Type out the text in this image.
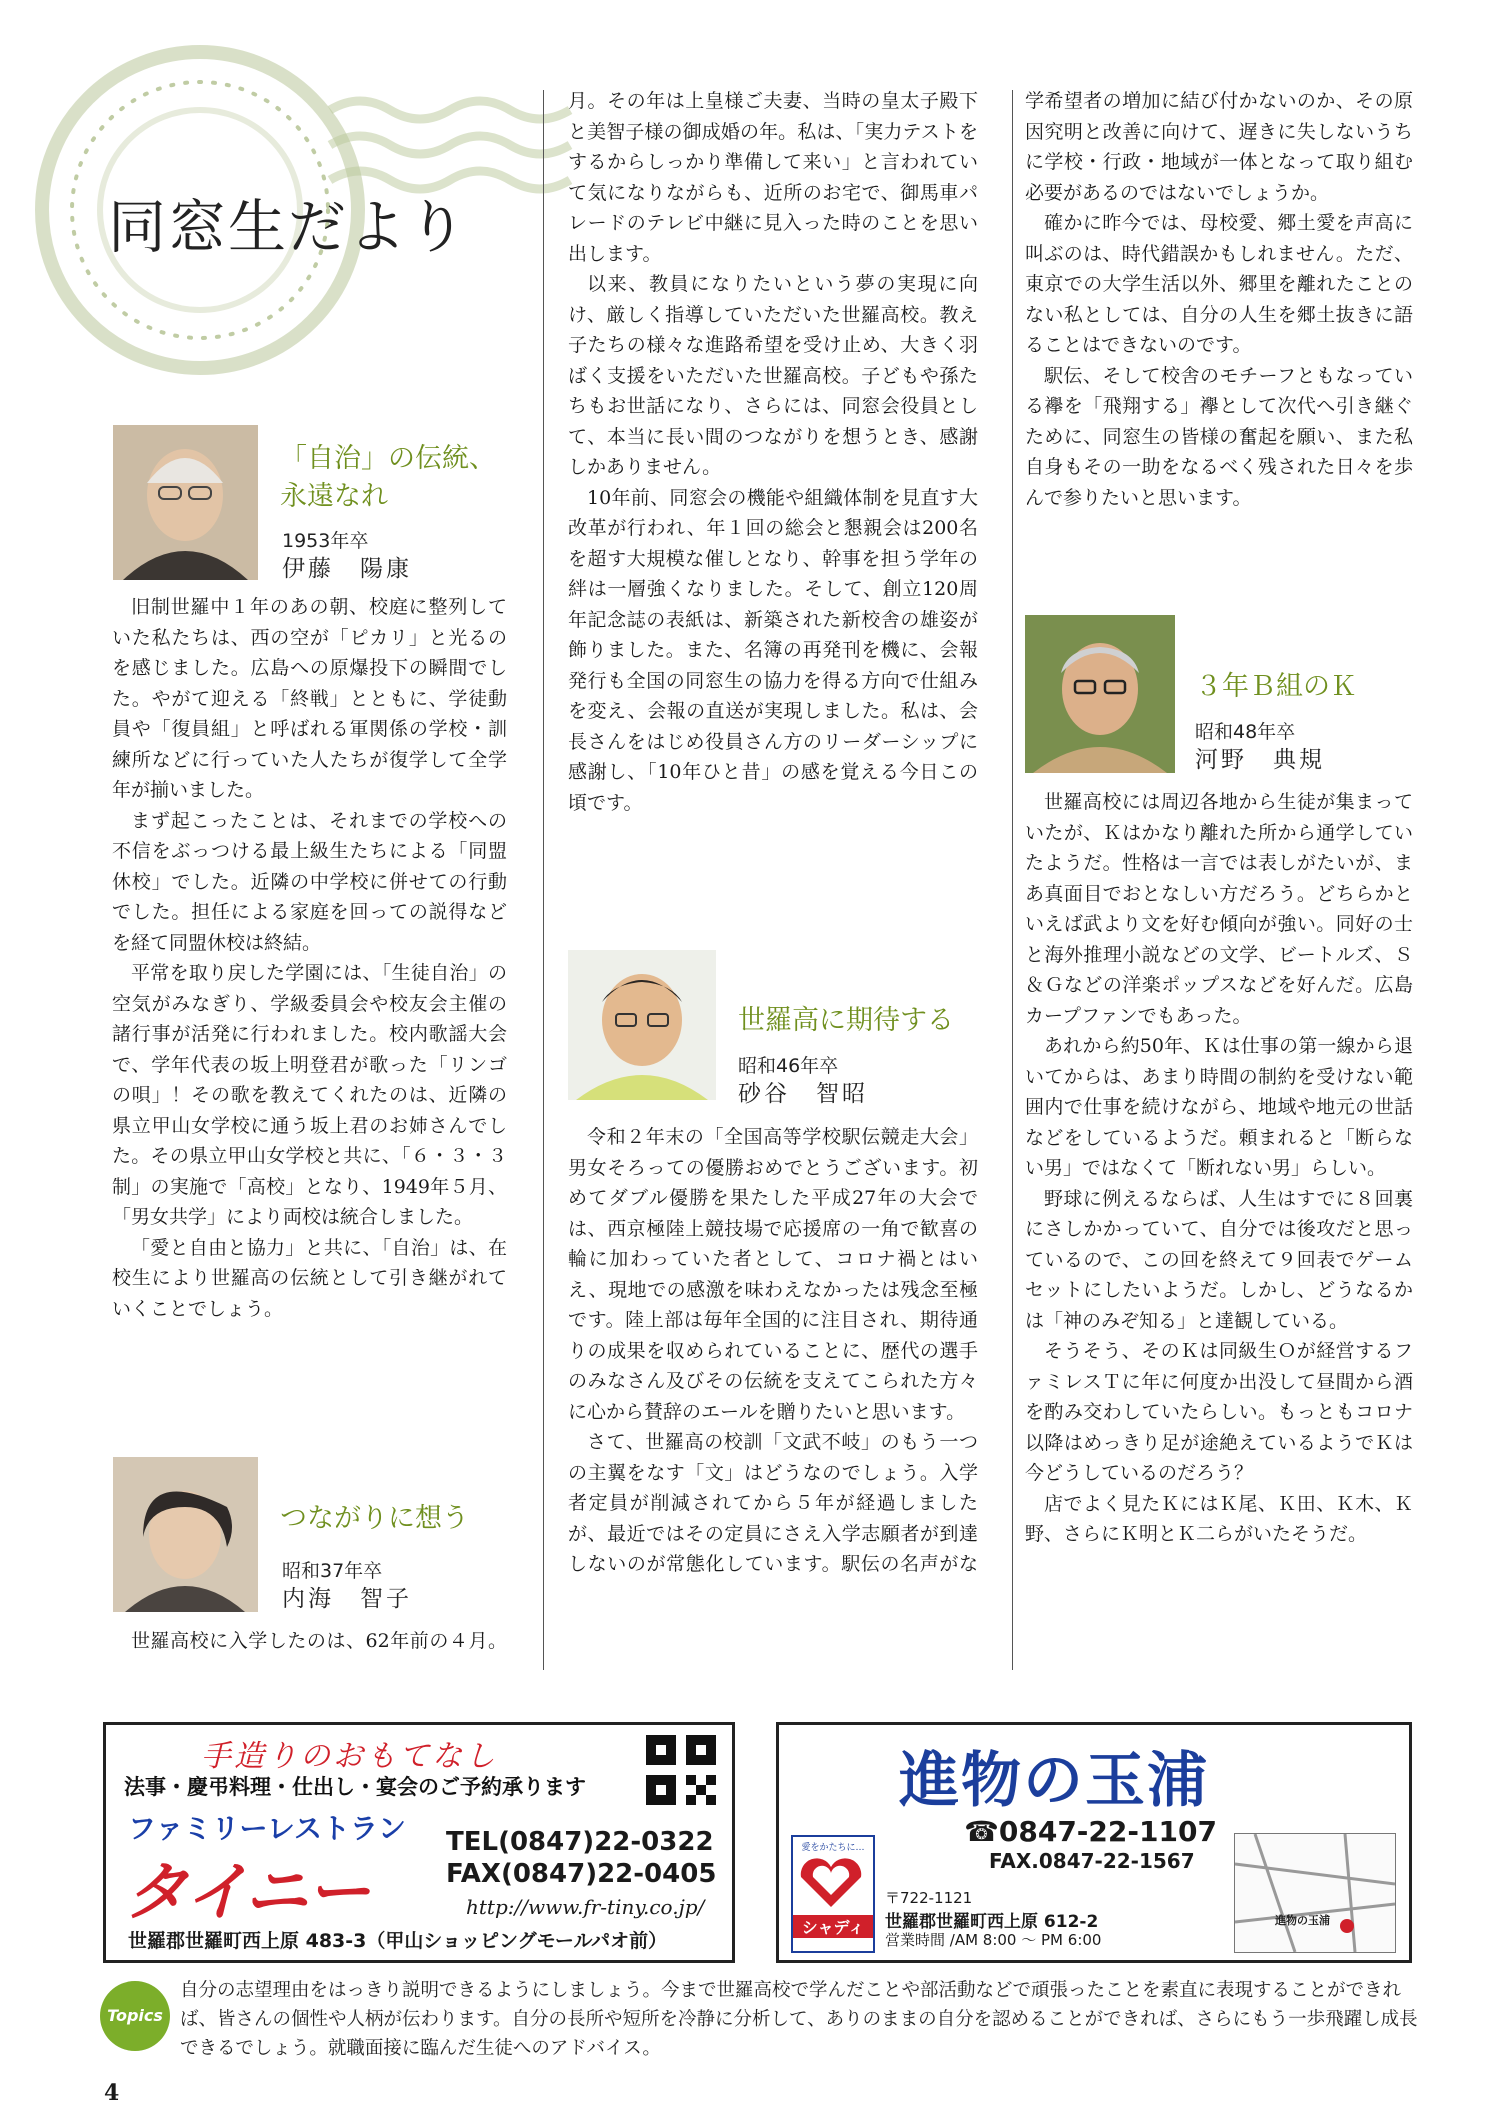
同窓生だより
「自治」の伝統、
永遠なれ
1953年卒
伊藤　陽康

旧制世羅中１年のあの朝、校庭に整列していた私たちは、西の空が「ピカリ」と光るのを感じました。広島への原爆投下の瞬間でした。やがて迎える「終戦」とともに、学徒動員や「復員組」と呼ばれる軍関係の学校・訓練所などに行っていた人たちが復学して全学年が揃いました。

まず起こったことは、それまでの学校への不信をぶっつける最上級生たちによる「同盟休校」でした。近隣の中学校に併せての行動でした。担任による家庭を回っての説得などを経て同盟休校は終結。

平常を取り戻した学園には、「生徒自治」の空気がみなぎり、学級委員会や校友会主催の諸行事が活発に行われました。校内歌謡大会で、学年代表の坂上明登君が歌った「リンゴの唄」！その歌を教えてくれたのは、近隣の県立甲山女学校に通う坂上君のお姉さんでした。その県立甲山女学校と共に、「６・３・３制」の実施で「高校」となり、1949年５月、「男女共学」により両校は統合しました。

「愛と自由と協力」と共に、「自治」は、在校生により世羅高の伝統として引き継がれていくことでしょう。

つながりに想う
昭和37年卒
内海　智子

世羅高校に入学したのは、62年前の４月。

月。その年は上皇様ご夫妻、当時の皇太子殿下と美智子様の御成婚の年。私は、「実力テストをするからしっかり準備して来い」と言われていて気になりながらも、近所のお宅で、御馬車パレードのテレビ中継に見入った時のことを思い出します。

以来、教員になりたいという夢の実現に向け、厳しく指導していただいた世羅高校。教え子たちの様々な進路希望を受け止め、大きく羽ばく支援をいただいた世羅高校。子どもや孫たちもお世話になり、さらには、同窓会役員として、本当に長い間のつながりを想うとき、感謝しかありません。

10年前、同窓会の機能や組織体制を見直す大改革が行われ、年１回の総会と懇親会は200名を超す大規模な催しとなり、幹事を担う学年の絆は一層強くなりました。そして、創立120周年記念誌の表紙は、新築された新校舎の雄姿が飾りました。また、名簿の再発刊を機に、会報発行も全国の同窓生の協力を得る方向で仕組みを変え、会報の直送が実現しました。私は、会長さんをはじめ役員さん方のリーダーシップに感謝し、「10年ひと昔」の感を覚える今日この頃です。

世羅高に期待する
昭和46年卒
砂谷　智昭

令和２年末の「全国高等学校駅伝競走大会」男女そろっての優勝おめでとうございます。初めてダブル優勝を果たした平成27年の大会では、西京極陸上競技場で応援席の一角で歓喜の輪に加わっていた者として、コロナ禍とはいえ、現地での感激を味わえなかったは残念至極です。陸上部は毎年全国的に注目され、期待通りの成果を収められていることに、歴代の選手のみなさん及びその伝統を支えてこられた方々に心から賛辞のエールを贈りたいと思います。

さて、世羅高の校訓「文武不岐」のもう一つの主翼をなす「文」はどうなのでしょう。入学者定員が削減されてから５年が経過しましたが、最近ではその定員にさえ入学志願者が到達しないのが常態化しています。駅伝の名声がな

学希望者の増加に結び付かないのか、その原因究明と改善に向けて、遅きに失しないうちに学校・行政・地域が一体となって取り組む必要があるのではないでしょうか。

確かに昨今では、母校愛、郷土愛を声高に叫ぶのは、時代錯誤かもしれません。ただ、東京での大学生活以外、郷里を離れたことのない私としては、自分の人生を郷土抜きに語ることはできないのです。

駅伝、そして校舎のモチーフともなっている襷を「飛翔する」襷として次代へ引き継ぐために、同窓生の皆様の奮起を願い、また私自身もその一助をなるべく残された日々を歩んで参りたいと思います。

３年Ｂ組のＫ
昭和48年卒
河野　典規

世羅高校には周辺各地から生徒が集まっていたが、Ｋはかなり離れた所から通学していたようだ。性格は一言では表しがたいが、まあ真面目でおとなしい方だろう。どちらかといえば武より文を好む傾向が強い。同好の士と海外推理小説などの文学、ビートルズ、Ｓ＆Ｇなどの洋楽ポップスなどを好んだ。広島カープファンでもあった。

あれから約50年、Ｋは仕事の第一線から退いてからは、あまり時間の制約を受けない範囲内で仕事を続けながら、地域や地元の世話などをしているようだ。頼まれると「断らない男」ではなくて「断れない男」らしい。

野球に例えるならば、人生はすでに８回裏にさしかかっていて、自分では後攻だと思っているので、この回を終えて９回表でゲームセットにしたいようだ。しかし、どうなるかは「神のみぞ知る」と達観している。

そうそう、そのＫは同級生Ｏが経営するファミレスＴに年に何度か出没して昼間から酒を酌み交わしていたらしい。もっともコロナ以降はめっきり足が途絶えているようでＫは今どうしているのだろう？

店でよく見たＫにはＫ尾、Ｋ田、Ｋ木、Ｋ野、さらにＫ明とＫ二らがいたそうだ。

手造りのおもてなし
法事・慶弔料理・仕出し・宴会のご予約承ります
ファミリーレストラン
タイニー
TEL(0847)22-0322
FAX(0847)22-0405
http://www.fr-tiny.co.jp/
世羅郡世羅町西上原 483-3（甲山ショッピングモールパオ前）
進物の玉浦
☎0847-22-1107
FAX.0847-22-1567
愛をかたちに…
シャディ
〒722-1121
世羅郡世羅町西上原 612-2
営業時間 /AM 8:00 〜 PM 6:00
進物の玉浦
Topics
自分の志望理由をはっきり説明できるようにしましょう。今まで世羅高校で学んだことや部活動などで頑張ったことを素直に表現することができれば、皆さんの個性や人柄が伝わります。自分の長所や短所を冷静に分析して、ありのままの自分を認めることができれば、さらにもう一歩飛躍し成長できるでしょう。就職面接に臨んだ生徒へのアドバイス。
4
